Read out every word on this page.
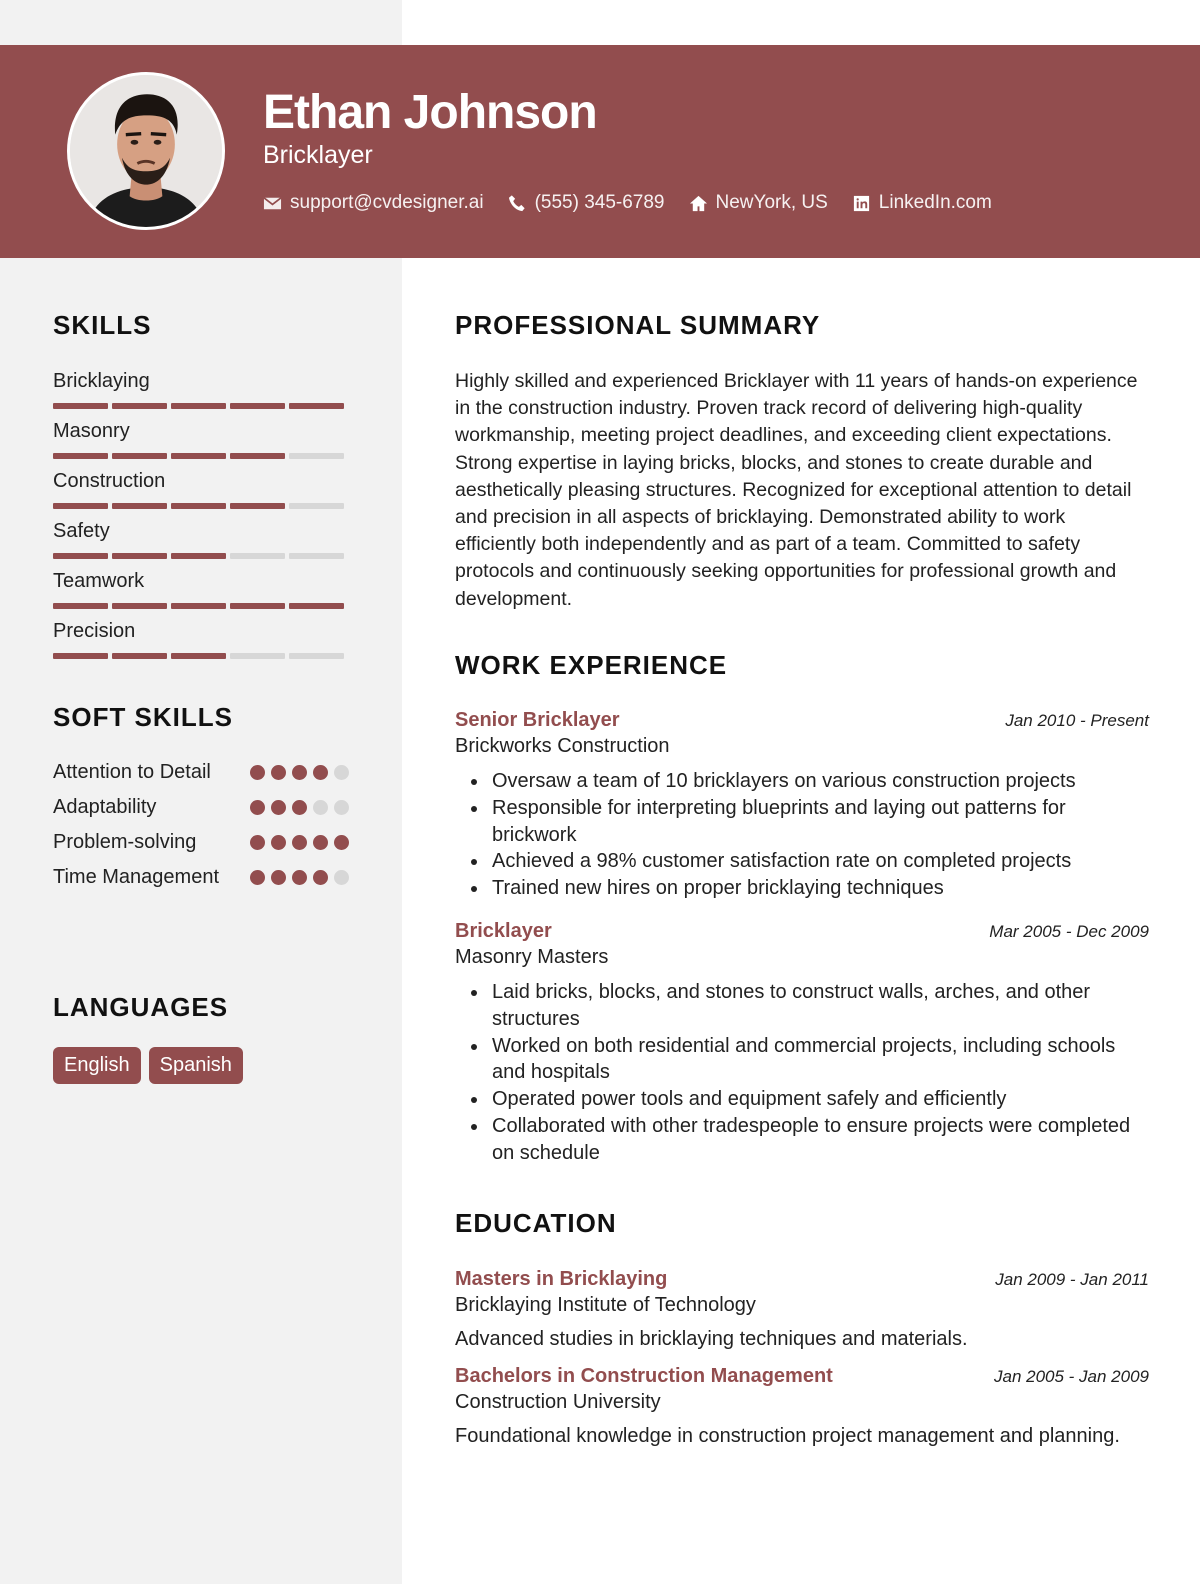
Ethan Johnson
Bricklayer
support@cvdesigner.ai	(555) 345-6789	NewYork, US	LinkedIn.com
SKILLS
Bricklaying
Masonry
Construction
Safety
Teamwork
Precision
SOFT SKILLS
Attention to Detail
Adaptability
Problem-solving
Time Management
LANGUAGES
English	Spanish
PROFESSIONAL SUMMARY

Highly skilled and experienced Bricklayer with 11 years of hands-on experience in the construction industry. Proven track record of delivering high-quality workmanship, meeting project deadlines, and exceeding client expectations. Strong expertise in laying bricks, blocks, and stones to create durable and aesthetically pleasing structures. Recognized for exceptional attention to detail and precision in all aspects of bricklaying. Demonstrated ability to work efficiently both independently and as part of a team. Committed to safety protocols and continuously seeking opportunities for professional growth and development.

WORK EXPERIENCE
Senior Bricklayer	Jan 2010 - Present
Brickworks Construction
Oversaw a team of 10 bricklayers on various construction projects
Responsible for interpreting blueprints and laying out patterns for brickwork
Achieved a 98% customer satisfaction rate on completed projects
Trained new hires on proper bricklaying techniques
Bricklayer	Mar 2005 - Dec 2009
Masonry Masters
Laid bricks, blocks, and stones to construct walls, arches, and other structures
Worked on both residential and commercial projects, including schools and hospitals
Operated power tools and equipment safely and efficiently
Collaborated with other tradespeople to ensure projects were completed on schedule
EDUCATION
Masters in Bricklaying	Jan 2009 - Jan 2011
Bricklaying Institute of Technology
Advanced studies in bricklaying techniques and materials.
Bachelors in Construction Management	Jan 2005 - Jan 2009
Construction University
Foundational knowledge in construction project management and planning.
